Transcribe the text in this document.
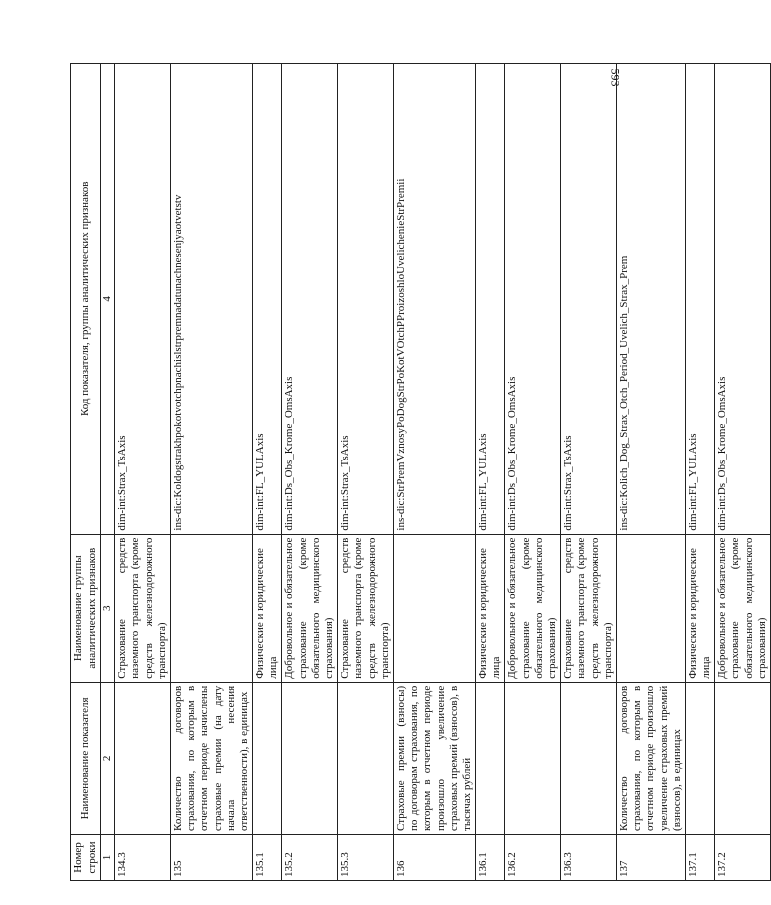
593
Номер строки	Наименование показателя	Наименование группы аналитических признаков	Код показателя, группы аналитических признаков
1	2	3	4
134.3		Страхование средств наземного транспорта (кроме средств железнодорожного транспорта)	dim-int:Strax_TsAxis
135	Количество договоров страхования, по которым в отчетном периоде начислены страховые премии (на дату начала несения ответственности), в единицах		ins-dic:Koldogstrakhpokotvotchpnachislstrpremnadatunachnesenjyaotvetstv
135.1		Физические и юридические лица	dim-int:FL_YULAxis
135.2		Добровольное и обязательное страхование (кроме обязательного медицинского страхования)	dim-int:Ds_Obs_Krome_OmsAxis
135.3		Страхование средств наземного транспорта (кроме средств железнодорожного транспорта)	dim-int:Strax_TsAxis
136	Страховые премии (взносы) по договорам страхования, по которым в отчетном периоде произошло увеличение страховых премий (взносов), в тысячах рублей		ins-dic:StrPremVznosyPoDogStrPoKotVOtchPProizoshloUvelichenieStrPremii
136.1		Физические и юридические лица	dim-int:FL_YULAxis
136.2		Добровольное и обязательное страхование (кроме обязательного медицинского страхования)	dim-int:Ds_Obs_Krome_OmsAxis
136.3		Страхование средств наземного транспорта (кроме средств железнодорожного транспорта)	dim-int:Strax_TsAxis
137	Количество договоров страхования, по которым в отчетном периоде произошло увеличение страховых премий (взносов), в единицах		ins-dic:Kolich_Dog_Strax_Otch_Period_Uvelich_Strax_Prem
137.1		Физические и юридические лица	dim-int:FL_YULAxis
137.2		Добровольное и обязательное страхование (кроме обязательного медицинского страхования)	dim-int:Ds_Obs_Krome_OmsAxis
